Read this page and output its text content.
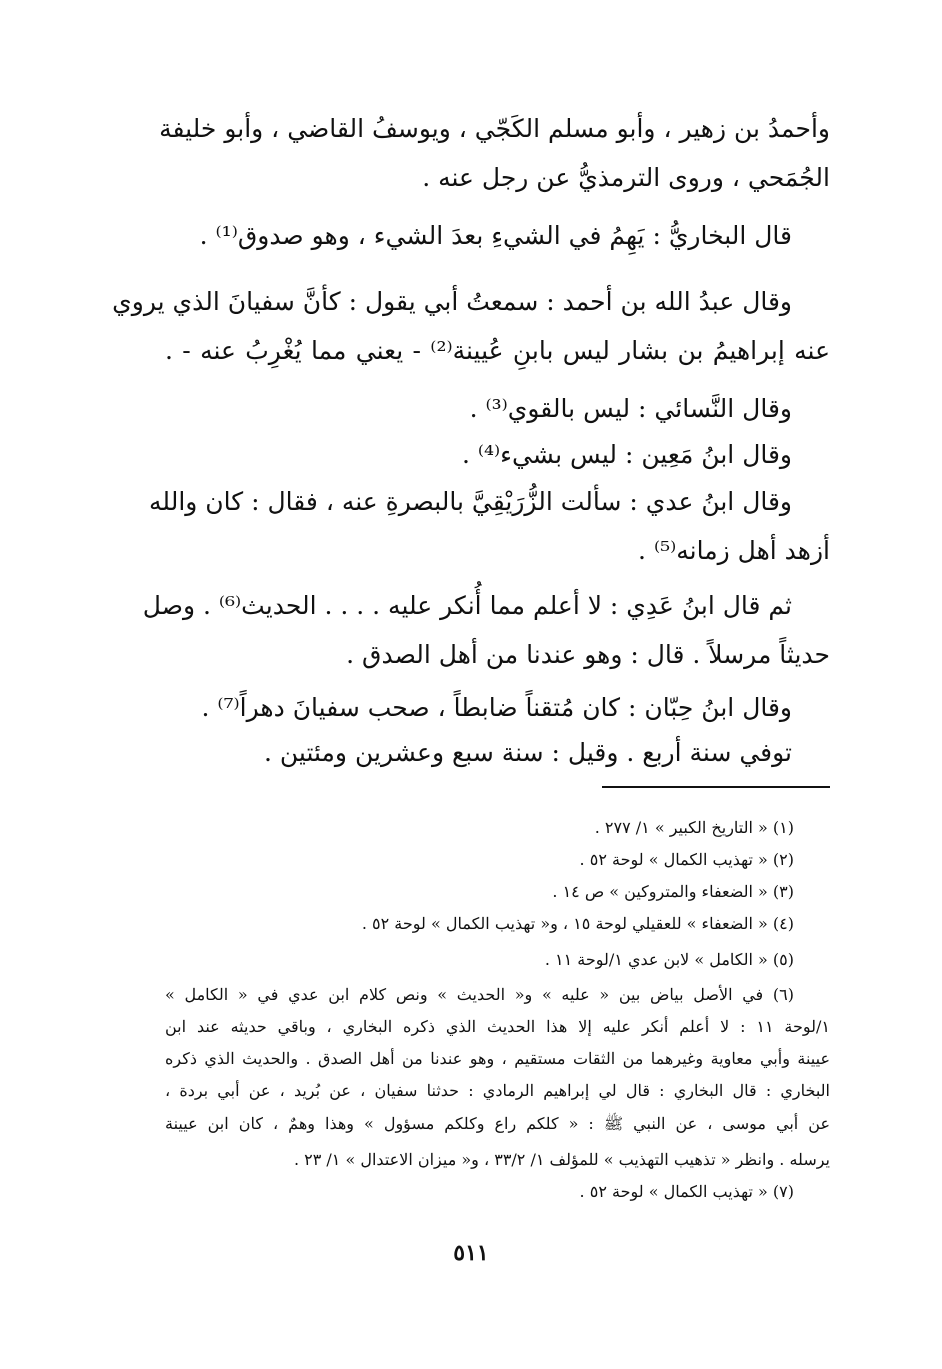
وأحمدُ بن زهير ، وأبو مسلم الكَجّي ، ويوسفُ القاضي ، وأبو خليفة
الجُمَحي ، وروى الترمذيُّ عن رجل عنه .
قال البخاريُّ : يَهِمُ في الشيءِ بعدَ الشيء ، وهو صدوق⁽¹⁾ .
وقال عبدُ الله بن أحمد : سمعتُ أبي يقول : كأنَّ سفيانَ الذي يروي
عنه إبراهيمُ بن بشار ليس بابنِ عُيينة⁽²⁾ - يعني مما يُغْرِبُ عنه - .
وقال النَّسائي : ليس بالقوي⁽³⁾ .
وقال ابنُ مَعِين : ليس بشيء⁽⁴⁾ .
وقال ابنُ عدي : سألت الزُّرَيْقِيَّ بالبصرةِ عنه ، فقال : كان والله
أزهد أهل زمانه⁽⁵⁾ .
ثم قال ابنُ عَدِي : لا أعلم مما أُنكر عليه . . . . الحديث⁽⁶⁾ . وصل
حديثاً مرسلاً . قال : وهو عندنا من أهل الصدق .
وقال ابنُ حِبّان : كان مُتقناً ضابطاً ، صحب سفيانَ دهراً⁽⁷⁾ .
توفي سنة أربع . وقيل : سنة سبع وعشرين ومئتين .
(١) « التاريخ الكبير » ١/ ٢٧٧ .
(٢) « تهذيب الكمال » لوحة ٥٢ .
(٣) « الضعفاء والمتروكين » ص ١٤ .
(٤) « الضعفاء » للعقيلي لوحة ١٥ ، و« تهذيب الكمال » لوحة ٥٢ .
(٥) « الكامل » لابن عدي ١/لوحة ١١ .
(٦) في الأصل بياض بين « عليه » و« الحديث » ونص كلام ابن عدي في « الكامل »
١/لوحة ١١ : لا أعلم أنكر عليه إلا هذا الحديث الذي ذكره البخاري ، وباقي حديثه عند ابن
عيينة وأبي معاوية وغيرهما من الثقات مستقيم ، وهو عندنا من أهل الصدق . والحديث الذي ذكره
البخاري : قال البخاري : قال لي إبراهيم الرمادي : حدثنا سفيان ، عن بُريد ، عن أبي بردة ،
عن أبي موسى ، عن النبي ﷺ : « كلكم راع وكلكم مسؤول » وهذا وهمٌ ، كان ابن عيينة
يرسله . وانظر « تذهيب التهذيب » للمؤلف ١/ ٣٣/٢ ، و« ميزان الاعتدال » ١/ ٢٣ .
(٧) « تهذيب الكمال » لوحة ٥٢ .
٥١١
